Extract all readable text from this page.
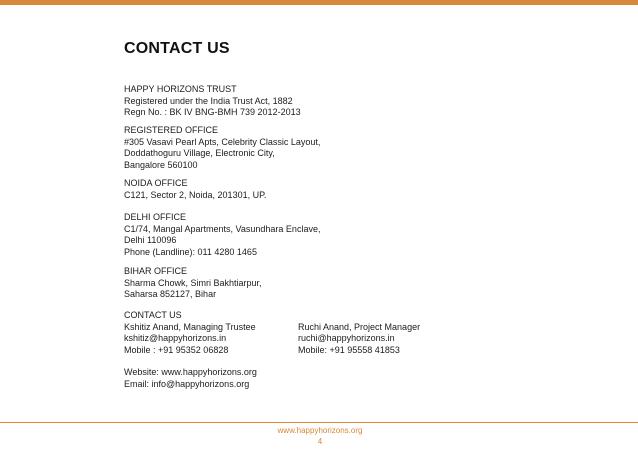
CONTACT US
HAPPY HORIZONS TRUST
Registered under the India Trust Act, 1882
Regn No. : BK IV BNG-BMH 739 2012-2013
REGISTERED OFFICE
#305 Vasavi Pearl Apts, Celebrity Classic Layout,
Doddathoguru Village, Electronic City,
Bangalore 560100
NOIDA OFFICE
C121, Sector 2, Noida, 201301, UP.
DELHI OFFICE
C1/74, Mangal Apartments, Vasundhara Enclave,
Delhi 110096
Phone (Landline): 011 4280 1465
BIHAR OFFICE
Sharma Chowk, Simri Bakhtiarpur,
Saharsa 852127, Bihar
CONTACT US
Kshitiz Anand, Managing Trustee
kshitiz@happyhorizons.in
Mobile : +91 95352 06828
Ruchi Anand, Project Manager
ruchi@happyhorizons.in
Mobile: +91 95558 41853
Website: www.happyhorizons.org
Email: info@happyhorizons.org
www.happyhorizons.org
4
